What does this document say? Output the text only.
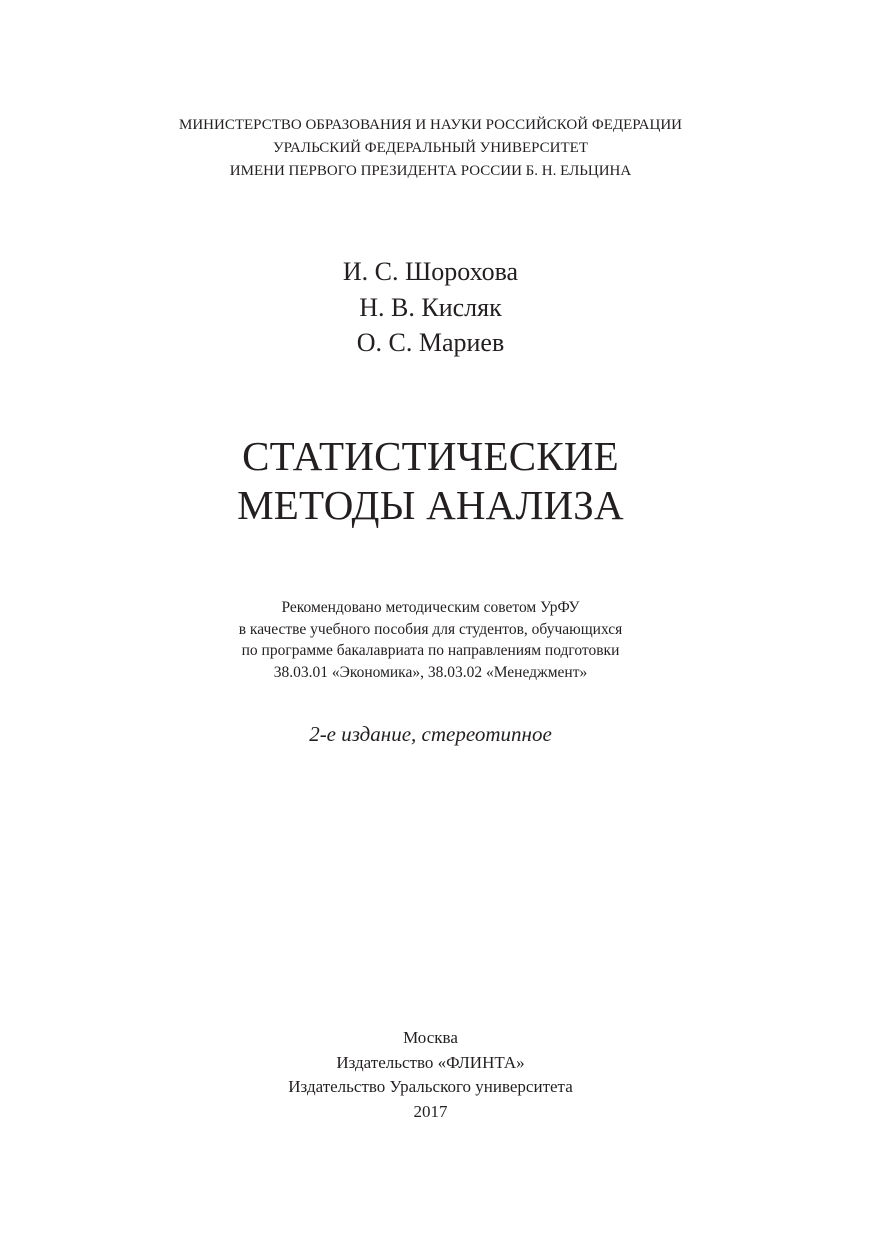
МИНИСТЕРСТВО ОБРАЗОВАНИЯ И НАУКИ РОССИЙСКОЙ ФЕДЕРАЦИИ
УРАЛЬСКИЙ ФЕДЕРАЛЬНЫЙ УНИВЕРСИТЕТ
ИМЕНИ ПЕРВОГО ПРЕЗИДЕНТА РОССИИ Б. Н. ЕЛЬЦИНА
И. С. Шорохова
Н. В. Кисляк
О. С. Мариев
СТАТИСТИЧЕСКИЕ
МЕТОДЫ АНАЛИЗА
Рекомендовано методическим советом УрФУ
в качестве учебного пособия для студентов, обучающихся
по программе бакалавриата по направлениям подготовки
38.03.01 «Экономика», 38.03.02 «Менеджмент»
2-е издание, стереотипное
Москва
Издательство «ФЛИНТА»
Издательство Уральского университета
2017
